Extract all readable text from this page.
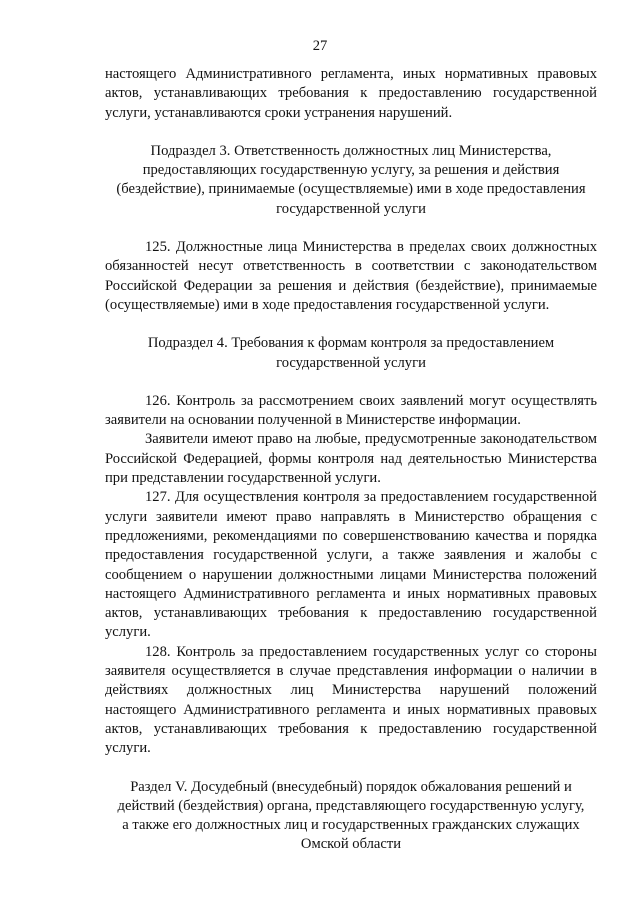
27

настоящего Административного регламента, иных нормативных правовых актов, устанавливающих требования к предоставлению государственной услуги, устанавливаются сроки устранения нарушений.

Подраздел 3. Ответственность должностных лиц Министерства, предоставляющих государственную услугу, за решения и действия (бездействие), принимаемые (осуществляемые) ими в ходе предоставления государственной услуги

125. Должностные лица Министерства в пределах своих должностных обязанностей несут ответственность в соответствии с законодательством Российской Федерации за решения и действия (бездействие), принимаемые (осуществляемые) ими в ходе предоставления государственной услуги.

Подраздел 4. Требования к формам контроля за предоставлением государственной услуги

126. Контроль за рассмотрением своих заявлений могут осуществлять заявители на основании полученной в Министерстве информации.

Заявители имеют право на любые, предусмотренные законодательством Российской Федерацией, формы контроля над деятельностью Министерства при представлении государственной услуги.

127. Для осуществления контроля за предоставлением государственной услуги заявители имеют право направлять в Министерство обращения с предложениями, рекомендациями по совершенствованию качества и порядка предоставления государственной услуги, а также заявления и жалобы с сообщением о нарушении должностными лицами Министерства положений настоящего Административного регламента и иных нормативных правовых актов, устанавливающих требования к предоставлению государственной услуги.

128. Контроль за предоставлением государственных услуг со стороны заявителя осуществляется в случае представления информации о наличии в действиях должностных лиц Министерства нарушений положений настоящего Административного регламента и иных нормативных правовых актов, устанавливающих требования к предоставлению государственной услуги.

Раздел V. Досудебный (внесудебный) порядок обжалования решений и действий (бездействия) органа, представляющего государственную услугу, а также его должностных лиц и государственных гражданских служащих Омской области
